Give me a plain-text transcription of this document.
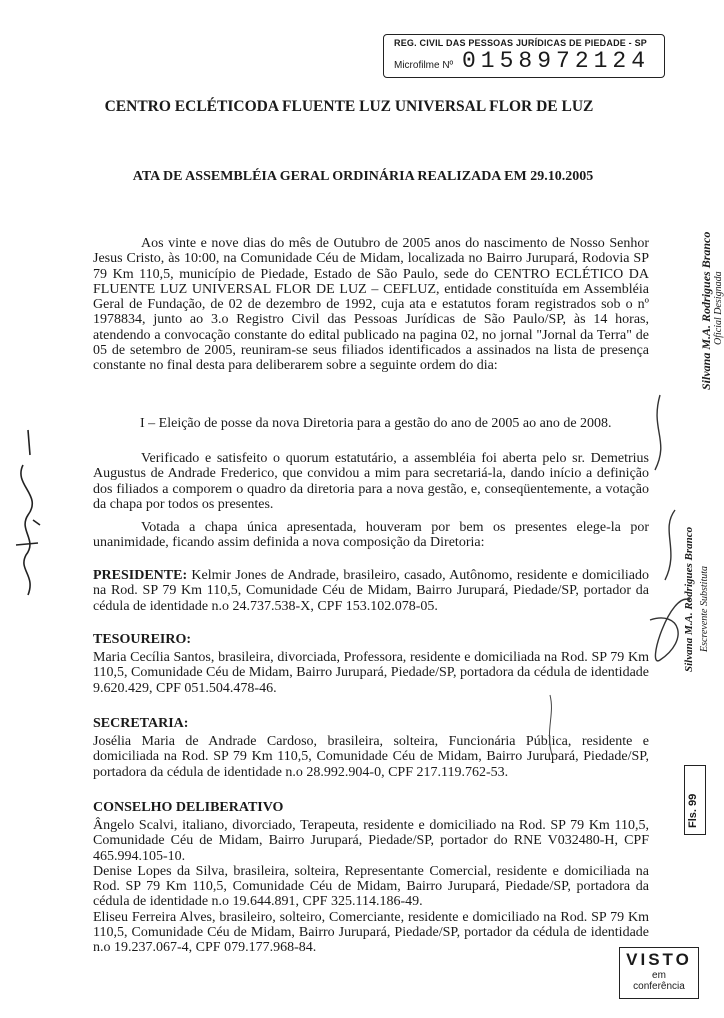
REG. CIVIL DAS PESSOAS JURÍDICAS DE PIEDADE - SP
Microfilme Nº 0158972124
CENTRO ECLÉTICODA FLUENTE LUZ UNIVERSAL FLOR DE LUZ
ATA DE ASSEMBLÉIA GERAL ORDINÁRIA REALIZADA EM 29.10.2005
Aos vinte e nove dias do mês de Outubro de 2005 anos do nascimento de Nosso Senhor Jesus Cristo, às 10:00, na Comunidade Céu de Midam, localizada no Bairro Jurupará, Rodovia SP 79 Km 110,5, município de Piedade, Estado de São Paulo, sede do CENTRO ECLÉTICO DA FLUENTE LUZ UNIVERSAL FLOR DE LUZ – CEFLUZ, entidade constituída em Assembléia Geral de Fundação, de 02 de dezembro de 1992, cuja ata e estatutos foram registrados sob o nº 1978834, junto ao 3.o Registro Civil das Pessoas Jurídicas de São Paulo/SP, às 14 horas, atendendo a convocação constante do edital publicado na pagina 02, no jornal "Jornal da Terra" de 05 de setembro de 2005, reuniram-se seus filiados identificados a assinados na lista de presença constante no final desta para deliberarem sobre a seguinte ordem do dia:
I – Eleição de posse da nova Diretoria para a gestão do ano de 2005 ao ano de 2008.
Verificado e satisfeito o quorum estatutário, a assembléia foi aberta pelo sr. Demetrius Augustus de Andrade Frederico, que convidou a mim para secretariá-la, dando início a definição dos filiados a comporem o quadro da diretoria para a nova gestão, e, conseqüentemente, a votação da chapa por todos os presentes.
Votada a chapa única apresentada, houveram por bem os presentes elege-la por unanimidade, ficando assim definida a nova composição da Diretoria:
PRESIDENTE: Kelmir Jones de Andrade, brasileiro, casado, Autônomo, residente e domiciliado na Rod. SP 79 Km 110,5, Comunidade Céu de Midam, Bairro Jurupará, Piedade/SP, portador da cédula de identidade n.o 24.737.538-X, CPF 153.102.078-05.
TESOUREIRO:
Maria Cecília Santos, brasileira, divorciada, Professora, residente e domiciliada na Rod. SP 79 Km 110,5, Comunidade Céu de Midam, Bairro Jurupará, Piedade/SP, portadora da cédula de identidade 9.620.429, CPF 051.504.478-46.
SECRETARIA:
Josélia Maria de Andrade Cardoso, brasileira, solteira, Funcionária Pública, residente e domiciliada na Rod. SP 79 Km 110,5, Comunidade Céu de Midam, Bairro Jurupará, Piedade/SP, portadora da cédula de identidade n.o 28.992.904-0, CPF 217.119.762-53.
CONSELHO DELIBERATIVO
Ângelo Scalvi, italiano, divorciado, Terapeuta, residente e domiciliado na Rod. SP 79 Km 110,5, Comunidade Céu de Midam, Bairro Jurupará, Piedade/SP, portador do RNE V032480-H, CPF 465.994.105-10.
Denise Lopes da Silva, brasileira, solteira, Representante Comercial, residente e domiciliada na Rod. SP 79 Km 110,5, Comunidade Céu de Midam, Bairro Jurupará, Piedade/SP, portadora da cédula de identidade n.o 19.644.891, CPF 325.114.186-49.
Eliseu Ferreira Alves, brasileiro, solteiro, Comerciante, residente e domiciliado na Rod. SP 79 Km 110,5, Comunidade Céu de Midam, Bairro Jurupará, Piedade/SP, portador da cédula de identidade n.o 19.237.067-4, CPF 079.177.968-84.
Silvana M.A. Rodrigues Branco Oficial Designada
Silvana M.A. Rodrigues Branco Escrevente Substituta
Fls. 99
VISTO
em
conferência
